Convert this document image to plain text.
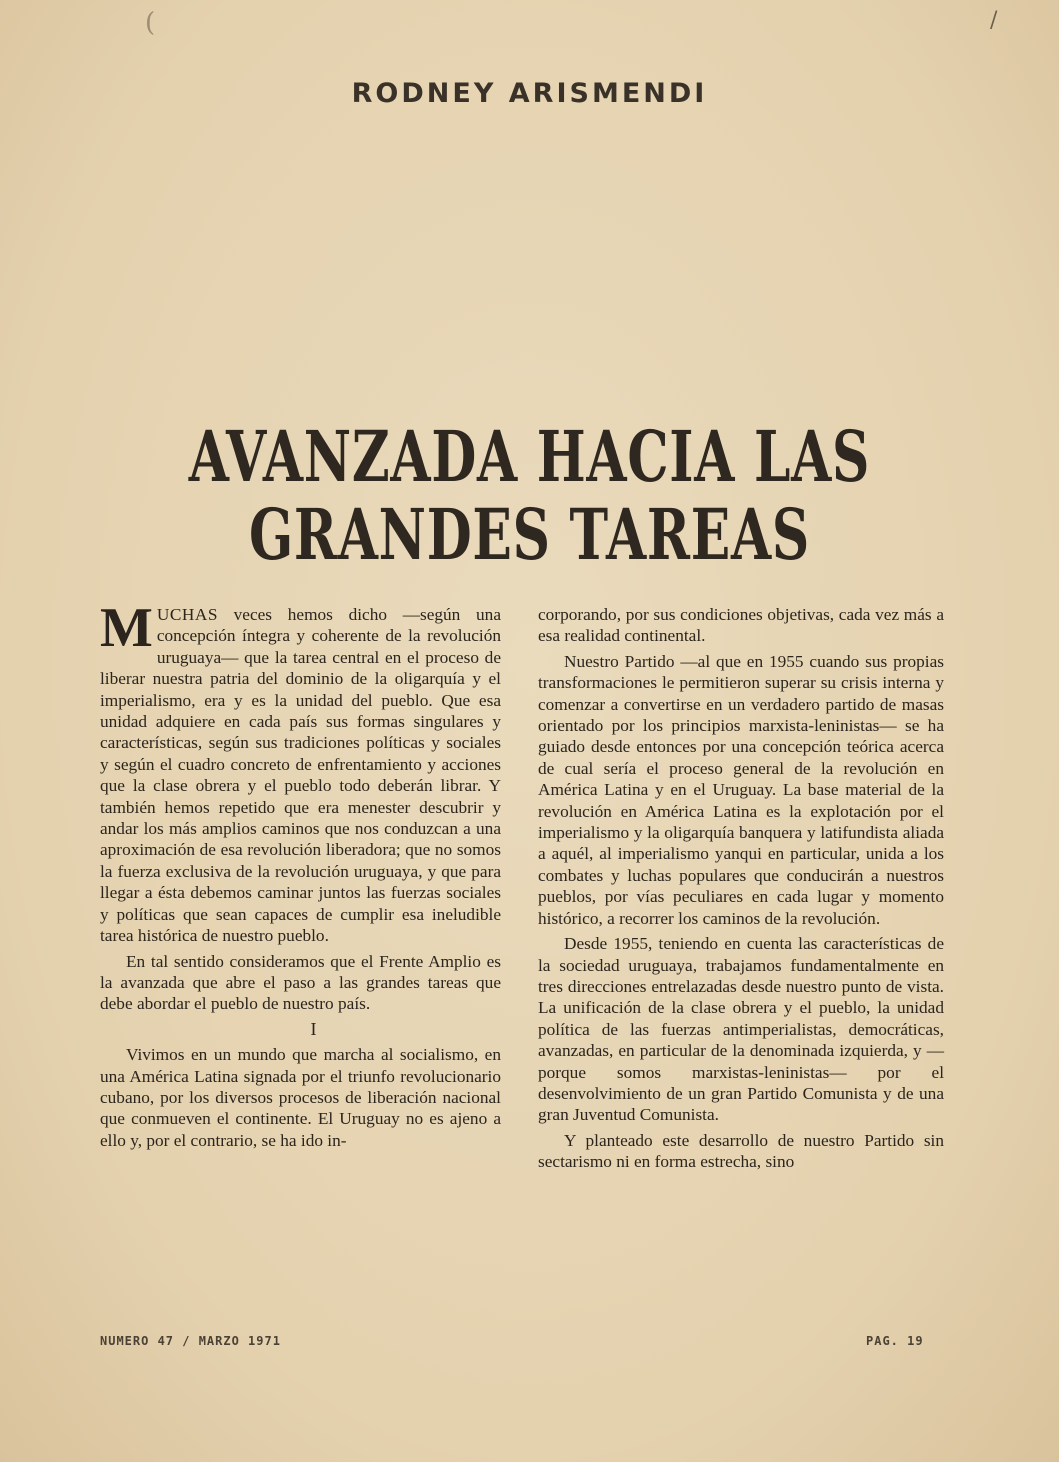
/
(
RODNEY ARISMENDI
AVANZADA HACIA LAS
GRANDES TAREAS

MUCHAS veces hemos dicho —según una concepción íntegra y coherente de la revolución uruguaya— que la tarea central en el proceso de liberar nuestra patria del dominio de la oligarquía y el imperialismo, era y es la unidad del pueblo. Que esa unidad adquiere en cada país sus formas singulares y características, según sus tradiciones políticas y sociales y según el cuadro concreto de enfrentamiento y acciones que la clase obrera y el pueblo todo deberán librar. Y también hemos repetido que era menester descubrir y andar los más amplios caminos que nos conduzcan a una aproximación de esa revolución liberadora; que no somos la fuerza exclusiva de la revolución uruguaya, y que para llegar a ésta debemos caminar juntos las fuerzas sociales y políticas que sean capaces de cumplir esa ineludible tarea histórica de nuestro pueblo.

En tal sentido consideramos que el Frente Amplio es la avanzada que abre el paso a las grandes tareas que debe abordar el pueblo de nuestro país.

I

Vivimos en un mundo que marcha al socialismo, en una América Latina signada por el triunfo revolucionario cubano, por los diversos procesos de liberación nacional que conmueven el continente. El Uruguay no es ajeno a ello y, por el contrario, se ha ido in-

corporando, por sus condiciones objetivas, cada vez más a esa realidad continental.

Nuestro Partido —al que en 1955 cuando sus propias transformaciones le permitieron superar su crisis interna y comenzar a convertirse en un verdadero partido de masas orientado por los principios marxista-leninistas— se ha guiado desde entonces por una concepción teórica acerca de cual sería el proceso general de la revolución en América Latina y en el Uruguay. La base material de la revolución en América Latina es la explotación por el imperialismo y la oligarquía banquera y latifundista aliada a aquél, al imperialismo yanqui en particular, unida a los combates y luchas populares que conducirán a nuestros pueblos, por vías peculiares en cada lugar y momento histórico, a recorrer los caminos de la revolución.

Desde 1955, teniendo en cuenta las características de la sociedad uruguaya, trabajamos fundamentalmente en tres direcciones entrelazadas desde nuestro punto de vista. La unificación de la clase obrera y el pueblo, la unidad política de las fuerzas antimperialistas, democráticas, avanzadas, en particular de la denominada izquierda, y —porque somos marxistas-leninistas— por el desenvolvimiento de un gran Partido Comunista y de una gran Juventud Comunista.

Y planteado este desarrollo de nuestro Partido sin sectarismo ni en forma estrecha, sino

NUMERO 47 / MARZO 1971	PAG. 19
